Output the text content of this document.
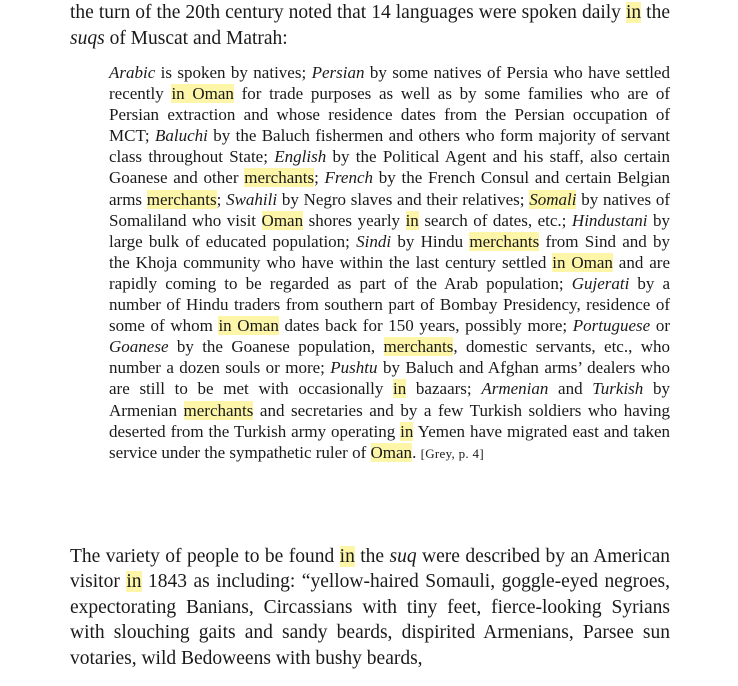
the turn of the 20th century noted that 14 languages were spoken daily in the suqs of Muscat and Matrah:

Arabic is spoken by natives; Persian by some natives of Persia who have settled recently in Oman for trade purposes as well as by some families who are of Persian extraction and whose residence dates from the Persian occupation of MCT; Baluchi by the Baluch fishermen and others who form majority of servant class throughout State; English by the Political Agent and his staff, also certain Goanese and other merchants; French by the French Consul and certain Belgian arms merchants; Swahili by Negro slaves and their relatives; Somali by natives of Somaliland who visit Oman shores yearly in search of dates, etc.; Hindustani by large bulk of educated population; Sindi by Hindu merchants from Sind and by the Khoja community who have within the last century settled in Oman and are rapidly coming to be regarded as part of the Arab population; Gujerati by a number of Hindu traders from southern part of Bombay Presidency, residence of some of whom in Oman dates back for 150 years, possibly more; Portuguese or Goanese by the Goanese population, merchants, domestic servants, etc., who number a dozen souls or more; Pushtu by Baluch and Afghan arms’ dealers who are still to be met with occasionally in bazaars; Armenian and Turkish by Armenian merchants and secretaries and by a few Turkish soldiers who having deserted from the Turkish army operating in Yemen have migrated east and taken service under the sympathetic ruler of Oman. [Grey, p. 4]

The variety of people to be found in the suq were described by an American visitor in 1843 as including: “yellow-haired Somauli, goggle-eyed negroes, expectorating Banians, Circassians with tiny feet, fierce-looking Syrians with slouching gaits and sandy beards, dispirited Armenians, Parsee sun votaries, wild Bedoweens with bushy beards,
